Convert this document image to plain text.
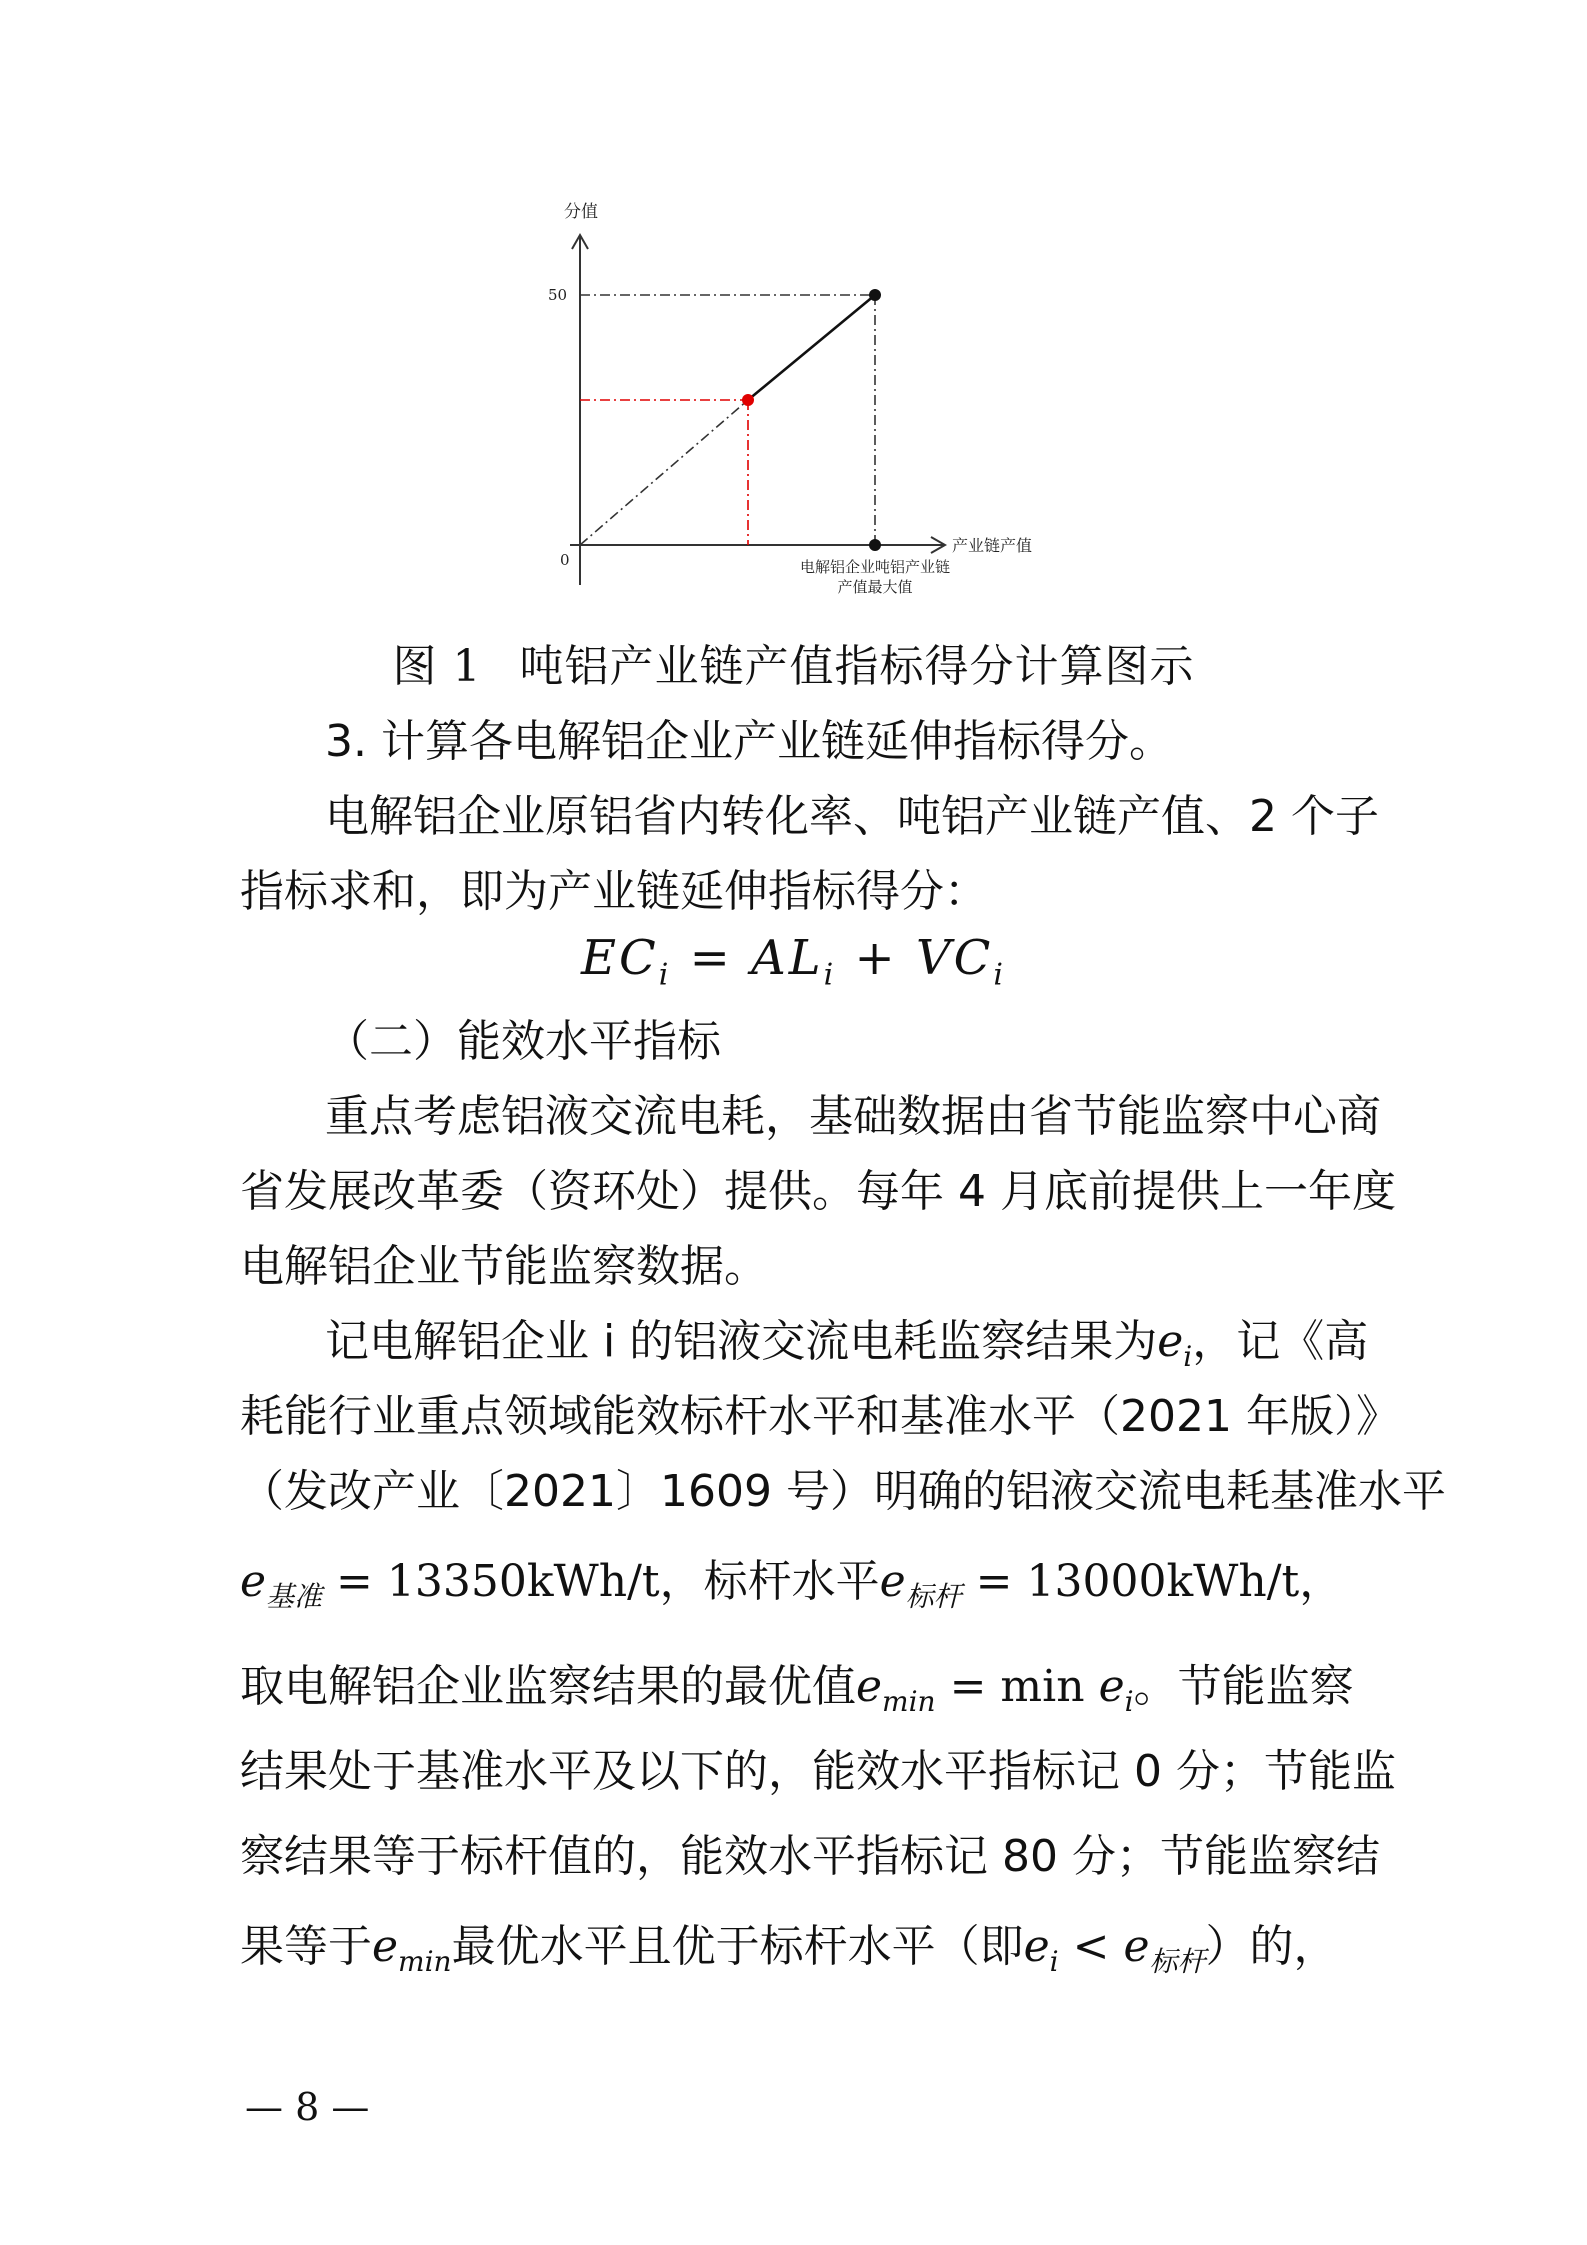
分值
50
0
产业链产值
电解铝企业吨铝产业链
产值最大值
图 1 吨铝产业链产值指标得分计算图示
3. 计算各电解铝企业产业链延伸指标得分。
电解铝企业原铝省内转化率、吨铝产业链产值、2 个子
指标求和，即为产业链延伸指标得分：
$EC_i = AL_i + VC_i$
（二）能效水平指标
重点考虑铝液交流电耗，基础数据由省节能监察中心商
省发展改革委（资环处）提供。每年 4 月底前提供上一年度
电解铝企业节能监察数据。
记电解铝企业 i 的铝液交流电耗监察结果为$e_i$，记《高
耗能行业重点领域能效标杆水平和基准水平（2021 年版）》
（发改产业〔2021〕1609 号）明确的铝液交流电耗基准水平
$e_{基准} = 13350kWh/t$，标杆水平$e_{标杆} = 13000kWh/t$，
取电解铝企业监察结果的最优值$e_{min} = \min e_i$。节能监察
结果处于基准水平及以下的，能效水平指标记 0 分；节能监
察结果等于标杆值的，能效水平指标记 80 分；节能监察结
果等于$e_{min}$最优水平且优于标杆水平（即$e_i < e_{标杆}$）的，
— 8 —
